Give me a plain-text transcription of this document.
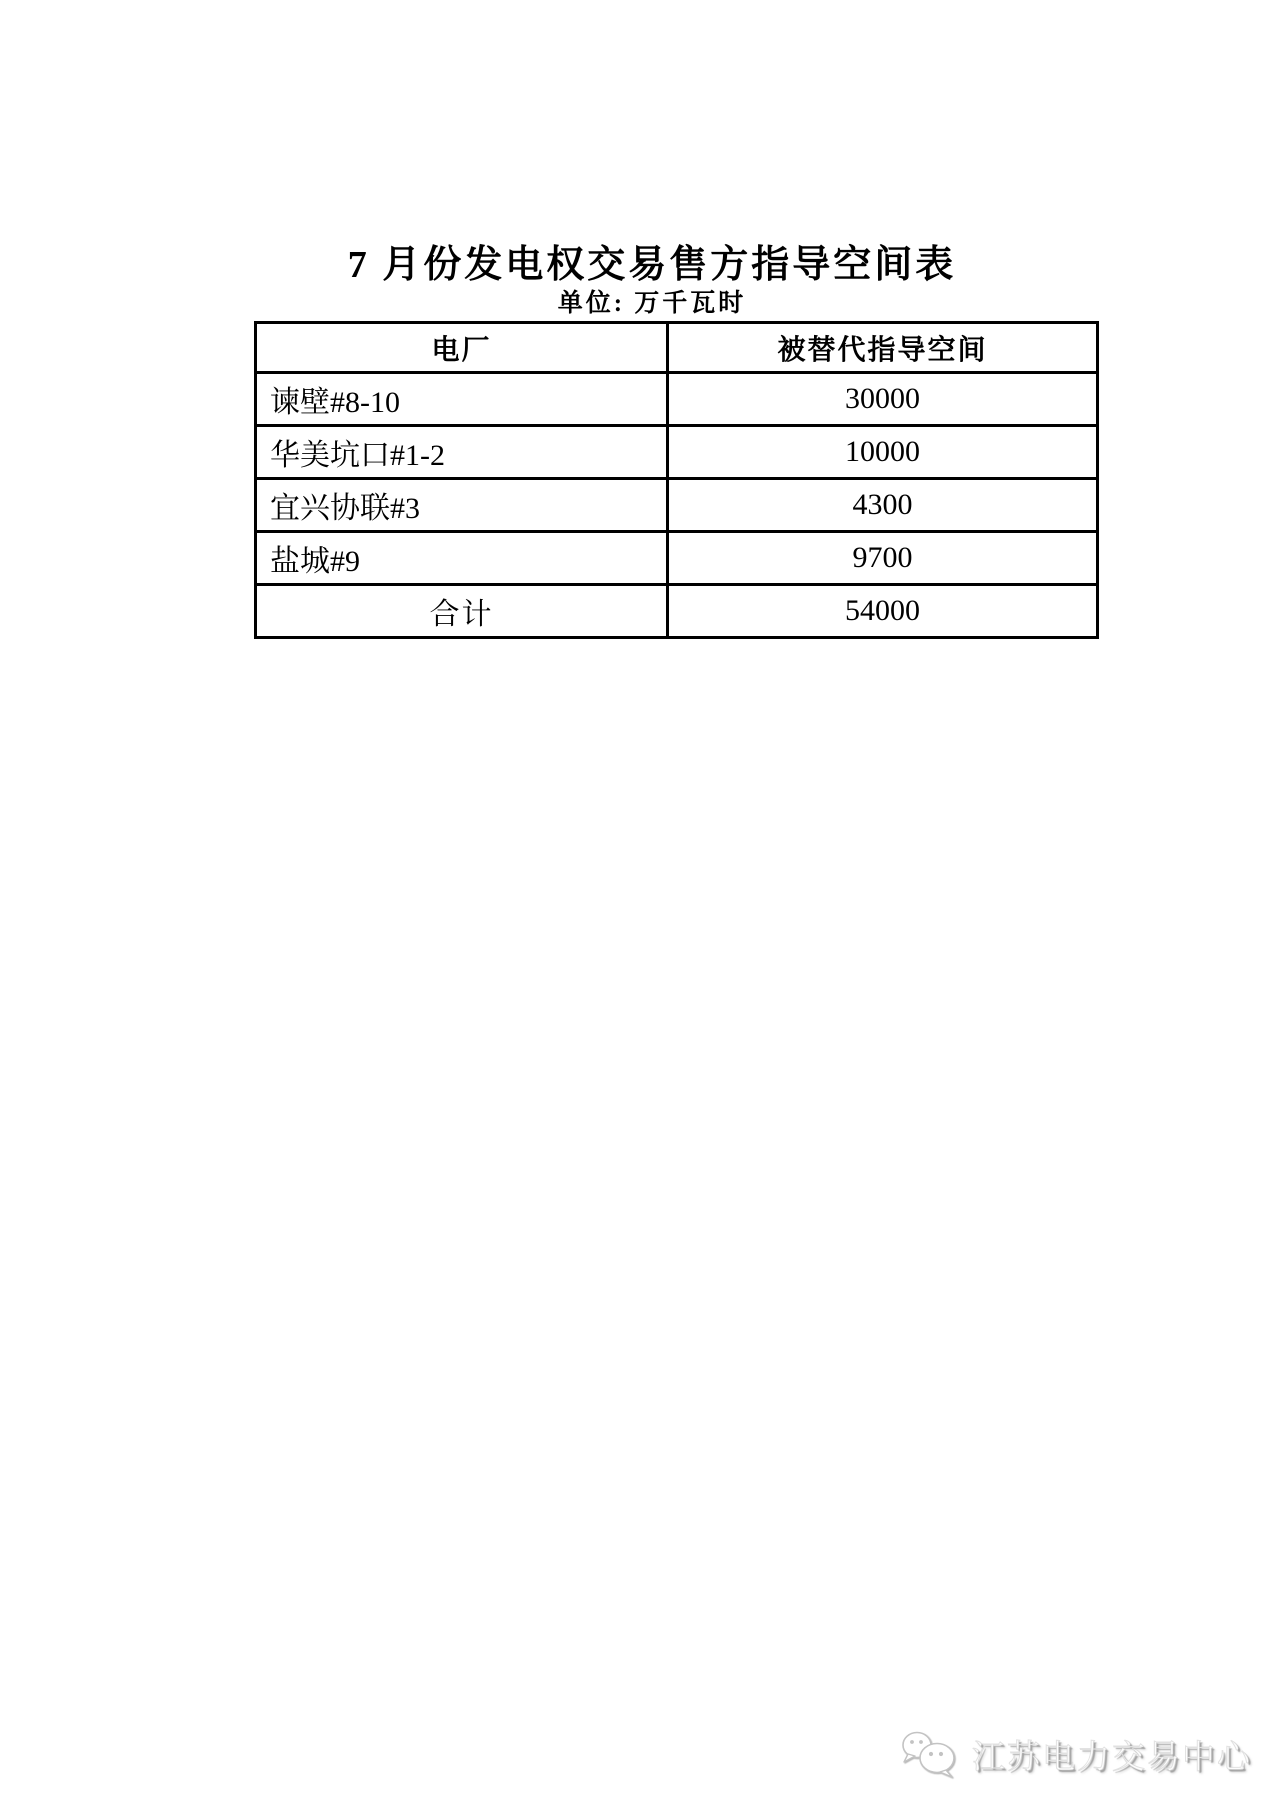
7 月份发电权交易售方指导空间表
单位: 万千瓦时
电厂	被替代指导空间
谏壁#8-10	30000
华美坑口#1-2	10000
宜兴协联#3	4300
盐城#9	9700
合计	54000
江苏电力交易中心
